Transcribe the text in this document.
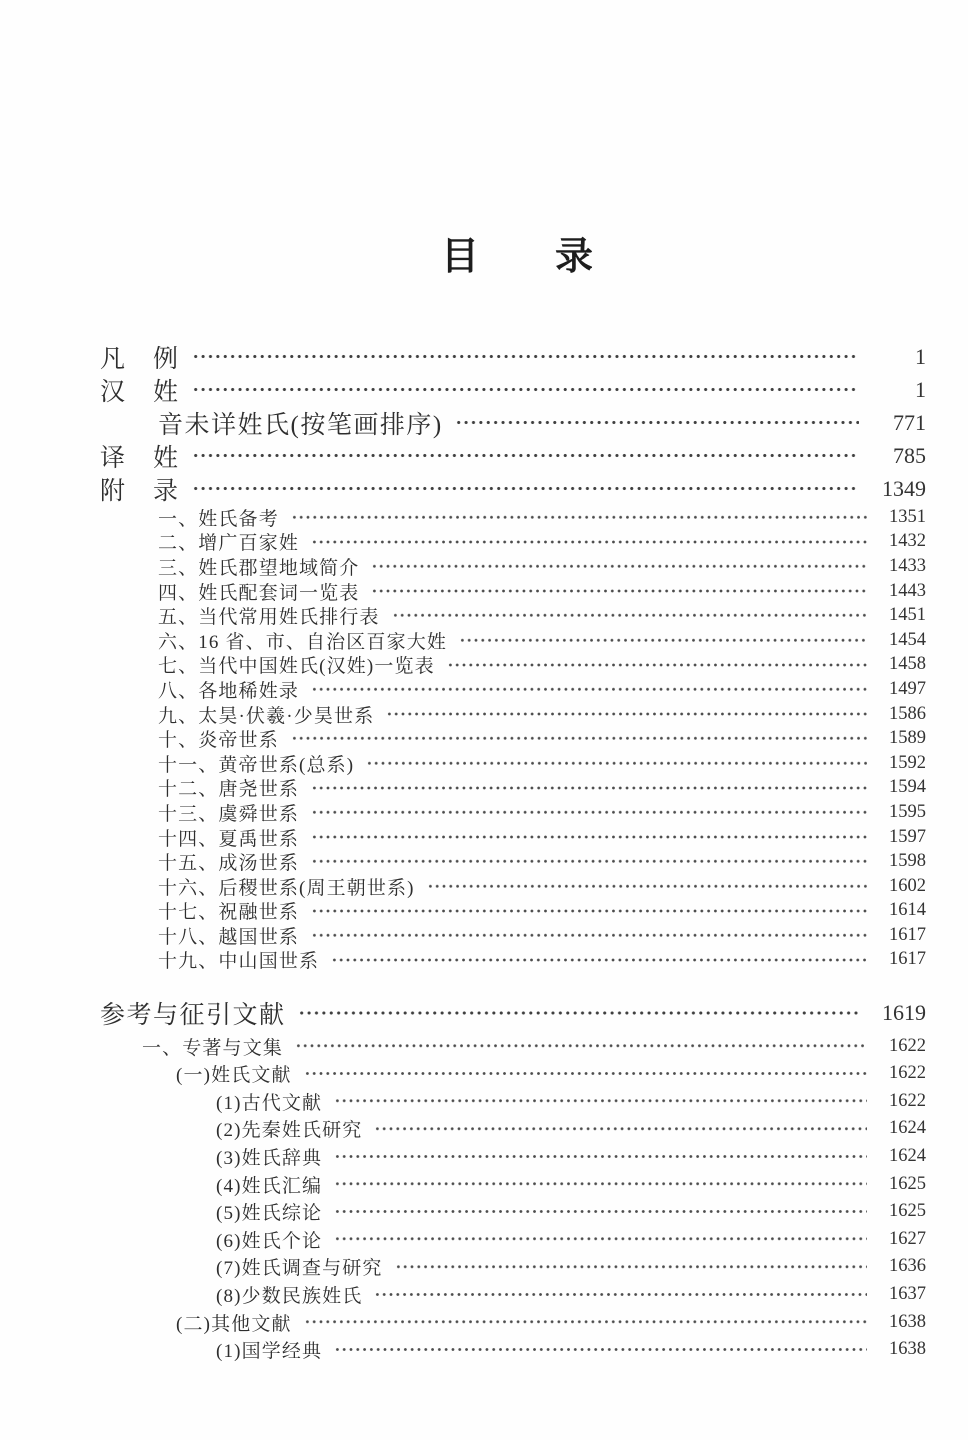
目　　录
凡　例	1
汉　姓	1
音未详姓氏(按笔画排序)	771
译　姓	785
附　录	1349
一、姓氏备考	1351
二、增广百家姓	1432
三、姓氏郡望地域简介	1433
四、姓氏配套词一览表	1443
五、当代常用姓氏排行表	1451
六、16 省、市、自治区百家大姓	1454
七、当代中国姓氏(汉姓)一览表	1458
八、各地稀姓录	1497
九、太昊·伏羲·少昊世系	1586
十、炎帝世系	1589
十一、黄帝世系(总系)	1592
十二、唐尧世系	1594
十三、虞舜世系	1595
十四、夏禹世系	1597
十五、成汤世系	1598
十六、后稷世系(周王朝世系)	1602
十七、祝融世系	1614
十八、越国世系	1617
十九、中山国世系	1617
参考与征引文献	1619
一、专著与文集	1622
(一)姓氏文献	1622
(1)古代文献	1622
(2)先秦姓氏研究	1624
(3)姓氏辞典	1624
(4)姓氏汇编	1625
(5)姓氏综论	1625
(6)姓氏个论	1627
(7)姓氏调查与研究	1636
(8)少数民族姓氏	1637
(二)其他文献	1638
(1)国学经典	1638
